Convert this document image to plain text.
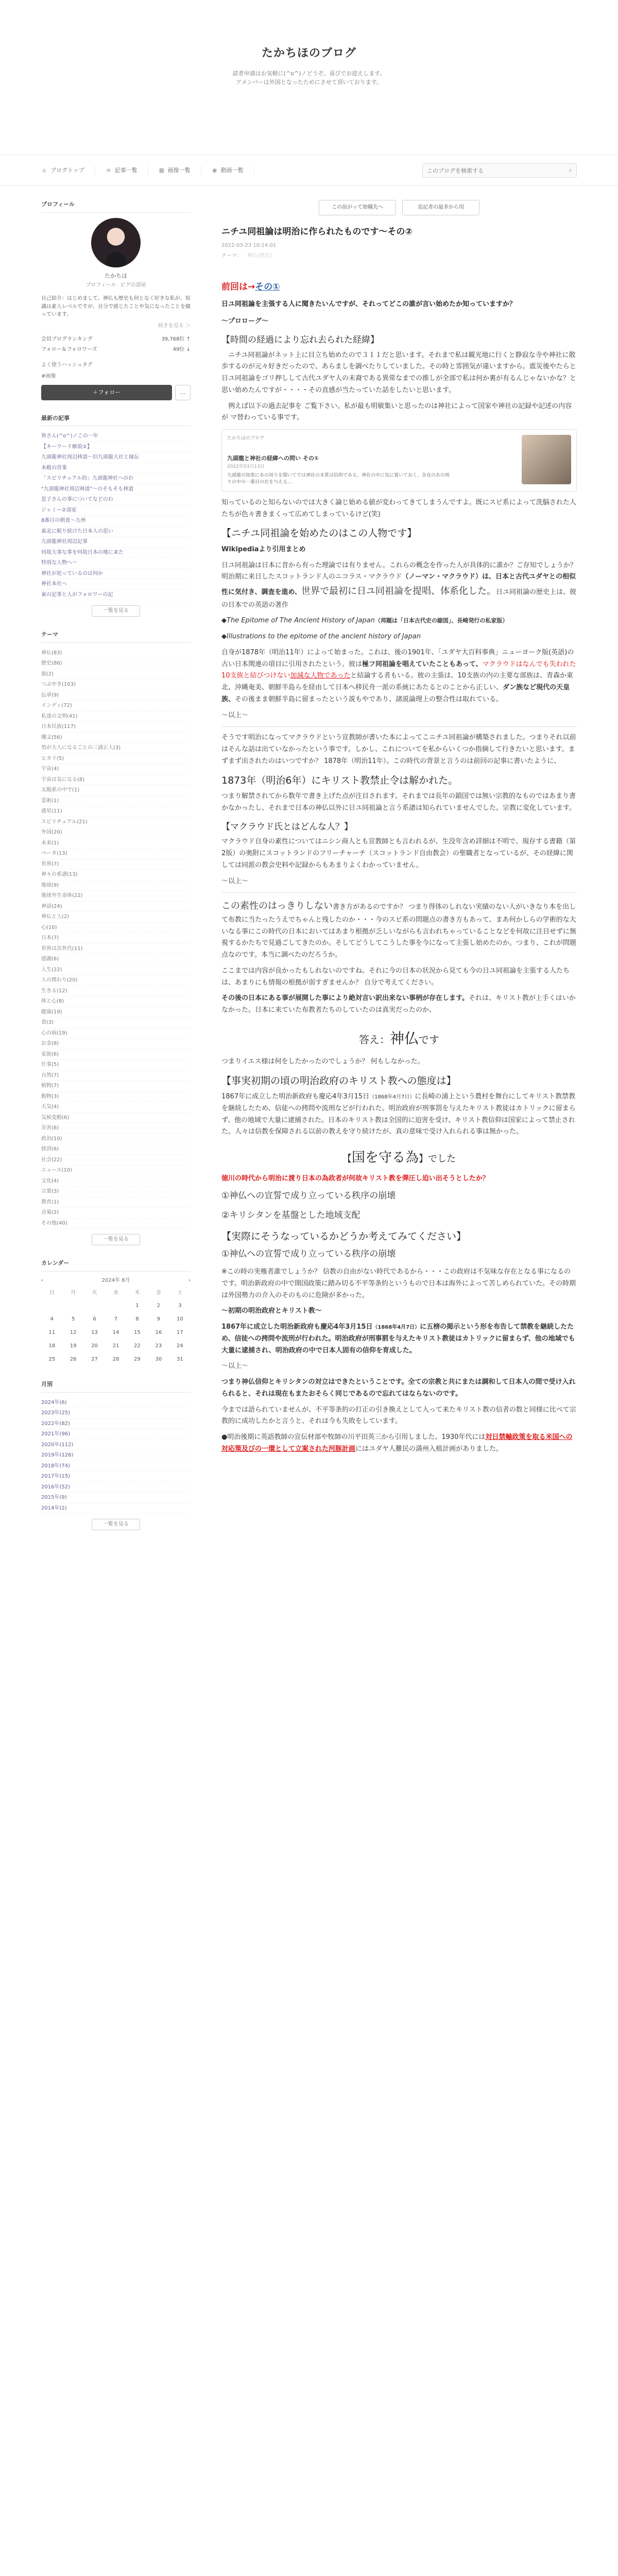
たかちほのブログ
読者申請はお気軽に(^o^)ノどうぞ。喜びでお迎えします。
アメンバーは外国となったためにさせて頂いております。
⌂ ブログトップ	≡ 記事一覧	▦ 画像一覧	◉ 動画一覧
このブログを検索する	⌕
プロフィール
たかちほ
プロフィール ピグの部屋
自己紹介：はじめまして。神仏も歴史も何となく好きな私が、知識は素人レベルですが、自分で感じたことや気になったことを綴っています。
続きを見る ＞
会員プログランキング	39,768位 ↑
フォロー＆フォロワーズ	49位 ↓
よく使うハッシュタグ
#画像
＋フォロー	…
最新の記事
皆さん(^o^)ノこの一年
【キーワード解説②】
九頭龍神社周辺林道〜旧九頭龍大社と縁伝
本殿の営業
「スピリチュアル的」九頭龍神社へのわ
"九頭龍神社周辺林道"〜のそもそも林道
息子さんの事についてなどのわ
ジャミー②部家
8番目の朝食〜九州
東北に眠り続けた日本人の思い
九頭龍神社周辺記事
何故大事な事を何故日本の地に来た
特別な人物へ〜
神社が祀っているのは何か
神社本社へ
東の記事と人がフォロワーの記
一覧を見る
テーマ
神仏(83)
歴史(86)
旅(2)
つぶやき(103)
伝承(9)
インディ(72)
私達の文明(41)
日本民族(117)
縄文(56)
男が大人になるごとの三浦正人(3)
ヒカリ(5)
宇宙(4)
宇宙は気になる(8)
太陽系の中で(1)
霊術(1)
惑星(11)
スピリチュアル(21)
外国(20)
未来(1)
ベータ(13)
世界(7)
神々の系譜(13)
地球(9)
地球外生命体(22)
神話(24)
神仏と人(2)
心(10)
日本(7)
世界は次世代(11)
感謝(6)
人生(22)
人の関わり(20)
生きる(12)
体と心(8)
健康(19)
食(3)
心の病(19)
お金(8)
家族(6)
仕事(5)
自然(7)
植物(7)
動物(3)
天気(4)
気候変動(6)
災害(8)
政治(10)
経済(6)
社会(22)
ニュース(10)
文化(4)
言葉(3)
教育(1)
音楽(2)
その他(40)
一覧を見る
カレンダー
‹	2024年 8月	›
日	月	火	水	木	金	土
				1	2	3
4	5	6	7	8	9	10
11	12	13	14	15	16	17
18	19	20	21	22	23	24
25	26	27	28	29	30	31
月別
2024年(6)
2023年(25)
2022年(82)
2021年(96)
2020年(112)
2019年(126)
2018年(74)
2017年(15)
2016年(52)
2015年(9)
2014年(2)
一覧を見る
この前がって始職先へ	追記者の最多から用
ニチユ同祖論は明治に作られたものです〜その②
2022-03-23 10:14:01
テーマ： 神仏(歴史)

前回は→その①

日ユ同祖論を主張する人に聞きたいんですが、それってどこの誰が言い始めたか知っていますか？

〜プロローグ〜

【時間の経過により忘れ去られた経緯】

ニチユ同祖論がネット上に目立ち始めたので３１１だと思います。それまで私は観光地に行くと静寂な寺や神社に散歩するのが元々好きだったので、あらましを調べたりしていました。その時と雰囲気が違いますから。震災後やたらと日ユ同祖論をゴリ押しして古代ユダヤ人の末裔である異常なまでの推しが全部で私は何か裏が有るんじゃないかな？と思い始めたんですが・・・・その直感が当たっていた話をしたいと思います。

例えば以下の過去記事を ご覧下さい。私が最も明敏集いと思ったのは神社によって国家や神社の記録や記述の内容が マ替わっている事です。

たかちほのブログ
九頭龍と神社の経緯への問い その①
2022年03月13日
九頭龍の知恵にあの周りを聞いてでは神社の本質は信仰である。神社の中に気に置いておく、奈良のあの周りの中の一番目の社を与える...

知っているのと知らないのでは大きく論じ始める値が変わってきてしまうんですよ。既にスピ系によって洗脳された人たちが色々書きまくって広めてしまっているけど(笑)

【ニチユ同祖論を始めたのはこの人物です】

Wikipediaより引用まとめ

日ユ同祖論は日本に昔から有った理論では有りません。これらの概念を作った人が具体的に誰か？ご存知でしょうか？明治期に来日したスコットランド人のニコラス・マクラウド（ノーマン・マクラウド）は、日本と古代ユダヤとの相似性に気付き、調査を進め、世界で最初に日ユ同祖論を提唱、体系化した。日ユ同祖論の歴史上は、彼の日本での英語の著作

◆The Epitome of The Ancient History of Japan（邦題は「日本古代史の縮図」、長崎発行の私家版）

◆Illustrations to the epitome of the ancient history of Japan

自身が1878年（明治11年）によって始まった。これは、後の1901年、「ユダヤ大百科事典」ニューヨーク版(英語)の古い日本関連の項目に引用されたという。彼は極フ同祖論を唱えていたこともあって、マクラウドはなんでも失われた10支族と結びつけない加減な人物であったと結論する者もいる。彼の主張は、10支族の内の主要な部族は、青森か東北、沖縄奄美、朝鮮半島らを経由して日本へ移民舟一派の系統にあたるとのことから正しい、ダン族など現代の天皇族、その後まま朝鮮半島に留まったという説もやであり、諸説論理上の整合性は取れている。

〜以上〜

そうです明治になってマクラウドという宣教師が書いた本によってこニチユ同祖論が構築されました。つまりそれ以前はそんな話は出ていなかったという事です。しかし、これについてを私からいくつか指摘して行きたいと思います。まずまず出されたのはいつですか？ 1878年（明治11年）。この時代の背景と言うのは前回の記事に書いたように、

1873年（明治6年）にキリスト教禁止令は解かれた。

つまり解禁されてから数年で書き上げた点が注目されます。それまでは長年の鎖国では無い宗教的なものではあまり書かなかったし、それまで日本の神仏以外に日ユ同祖論と言う系譜は知られていませんでした。宗教に変化しています。

【マクラウド氏とはどんな人？】

マクラウド自身の素性についてはニシン商人とも宣教師とも言われるが、生没年含め詳細は不明で、現存する書籍（第2版）の奥附にスコットランドのフリーチャーチ（スコットランド自由教会）の聖職者となっているが、その経緯に関しては同派の教会史料や記録からもあまりよくわかっていません。

〜以上〜

この素性のはっきりしない書き方があるのですか？ つまり得体のしれない実績のない人がいきなり本を出して布教に当たったうえでちゃんと残したのか・・・今のスピ系の問題点の書き方もあって、まあ何かしらの学術的な大いなる事にこの時代の日本においてはあまり根拠が乏しいながらも言われちゃっていることなどを何故に注目せずに無視するかたちで見過ごしてきたのか。そしてどうしてこうした事を今になって主張し始めたのか。つまり、これが問題点なのです。本当に調べたのだろうか。

ここまでは内容が良かったもしれないのですね。それに今の日本の状況から見ても今の日ユ同祖論を主張する人たちは、あまりにも情報の根拠が弱すぎませんか？ 自分で考えてください。

その後の日本にある事が展開した事により絶対言い訳出来ない事柄が存在します。それは、キリスト教が上手くはいかなかった。日本に来ていた布教者たちのしていたのは真実だったのか、

答え：神仏です

つまりイエス様は何をしたかったのでしょうか？ 何もしなかった。

【事実初期の頃の明治政府のキリスト教への態度は】

1867年に成立した明治新政府も慶応4年3月15日（1868年4月7日）に長崎の浦上という農村を舞台にしてキリスト教禁教を継続したため、信徒への拷問や流刑などが行われた。明治政府が刑事罰を与えたキリスト教徒はカトリックに留まらず、他の地域で大量に逮捕された。日本のキリスト教は全国的に迫害を受け、キリスト教信仰は国家によって禁止された。人々は信教を保障される以前の教えを守り続けたが、真の意味で受け入れられる事は無かった。

【国を守る為】でした

徳川の時代から明治に渡り日本の為政者が何故キリスト教を弾圧し迫い出そうとしたか？

①神仏への宣誓で成り立っている秩序の崩壊

②キリシタンを基盤とした地域支配

【実際にそうなっているかどうか考えてみてください】

①神仏への宣誓で成り立っている秩序の崩壊

※この時の実権者誰でしょうか？ 信教の自由がない時代であるから・・・この政府は不気味な存在となる事になるのです。明治新政府の中で開国政策に踏み切る不平等条約というもので日本は海外によって苦しめられていた。その時期は外国勢力の介入のそのものに危険が多かった。

〜初期の明治政府とキリスト教〜

1867年に成立した明治新政府も慶応4年3月15日（1868年4月7日）に五榜の掲示という形を布告して禁教を継続したため、信徒への拷問や流刑が行われた。明治政府が刑事罰を与えたキリスト教徒はカトリックに留まらず、他の地域でも大量に逮捕され、明治政府の中で日本人固有の信仰を育成した。

〜以上〜

つまり神仏信仰とキリシタンの対立はできたということです。全ての宗教と共にまたは調和して日本人の間で受け入れられると、それは現在もまたおそらく同じであるので忘れてはならないのです。

今までは語られていませんが、不平等条約の打正の引き換えとして入って来たキリスト教の信者の数と同様に比べて宗教的に成功したかと言うと、それは今も失敗をしています。

●明治後期に英語教師の宣伝材部や牧師の川平田英三から引用しました。1930年代には対日禁輸政策を取る米国への対応策及びの一環として立案された河豚計画にはユダヤ人難民の満州入植計画がありました。
